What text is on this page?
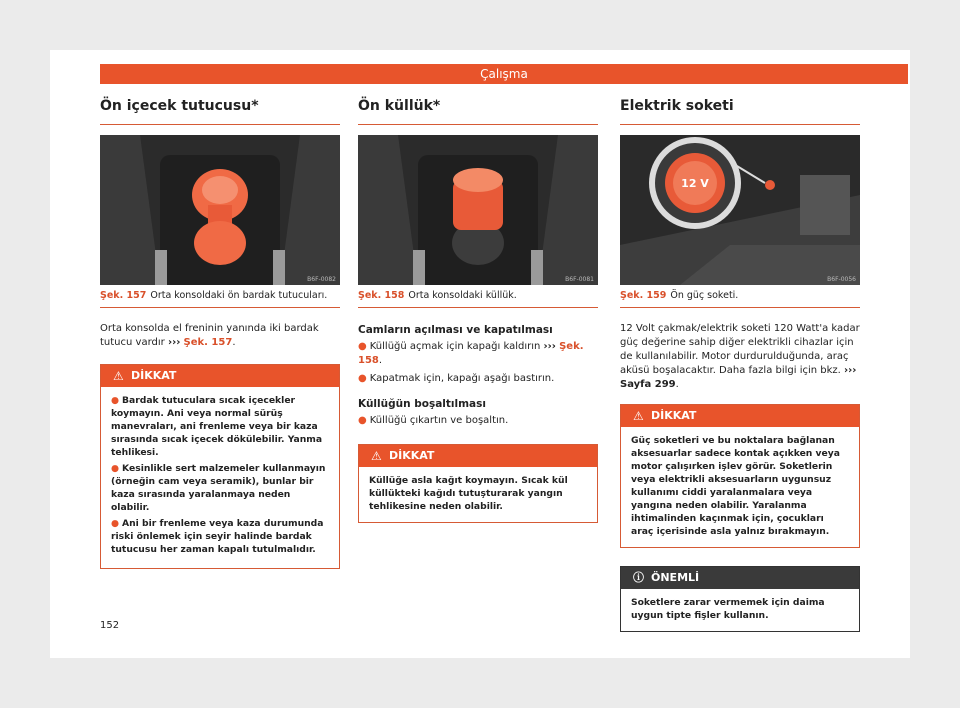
Çalışma
Ön içecek tutucusu*
B6F-0082
Şek. 157 Orta konsoldaki ön bardak tutucuları.
Orta konsolda el freninin yanında iki bardak tutucu vardır ››› Şek. 157.
⚠ DİKKAT

● Bardak tutuculara sıcak içecekler koymayın. Ani veya normal sürüş manevraları, ani frenleme veya bir kaza sırasında sıcak içecek dökülebilir. Yanma tehlikesi.

● Kesinlikle sert malzemeler kullanmayın (örneğin cam veya seramik), bunlar bir kaza sırasında yaralanmaya neden olabilir.

● Ani bir frenleme veya kaza durumunda riski önlemek için seyir halinde bardak tutucusu her zaman kapalı tutulmalıdır.

Ön küllük*
B6F-0081
Şek. 158 Orta konsoldaki küllük.
Camların açılması ve kapatılması
● Küllüğü açmak için kapağı kaldırın ››› Şek. 158.
● Kapatmak için, kapağı aşağı bastırın.
Küllüğün boşaltılması
● Küllüğü çıkartın ve boşaltın.
⚠ DİKKAT
Küllüğe asla kağıt koymayın. Sıcak kül küllükteki kağıdı tutuşturarak yangın tehlikesine neden olabilir.
Elektrik soketi
12 V
B6F-0056
Şek. 159 Ön güç soketi.
12 Volt çakmak/elektrik soketi 120 Watt'a kadar güç değerine sahip diğer elektrikli cihazlar için de kullanılabilir. Motor durdurulduğunda, araç aküsü boşalacaktır. Daha fazla bilgi için bkz. ››› Sayfa 299.
⚠ DİKKAT
Güç soketleri ve bu noktalara bağlanan aksesuarlar sadece kontak açıkken veya motor çalışırken işlev görür. Soketlerin veya elektrikli aksesuarların uygunsuz kullanımı ciddi yaralanmalara veya yangına neden olabilir. Yaralanma ihtimalinden kaçınmak için, çocukları araç içerisinde asla yalnız bırakmayın.
ⓘ ÖNEMLİ
Soketlere zarar vermemek için daima uygun tipte fişler kullanın.
152
